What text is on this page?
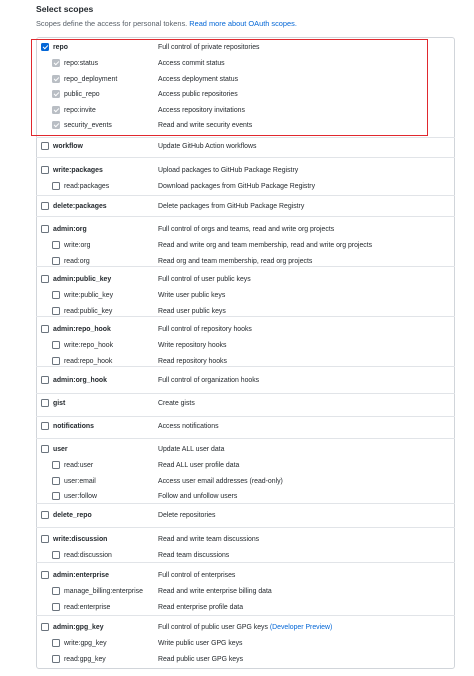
Select scopes
Scopes define the access for personal tokens. Read more about OAuth scopes.
repo	Full control of private repositories
repo:status	Access commit status
repo_deployment	Access deployment status
public_repo	Access public repositories
repo:invite	Access repository invitations
security_events	Read and write security events
workflow	Update GitHub Action workflows
write:packages	Upload packages to GitHub Package Registry
read:packages	Download packages from GitHub Package Registry
delete:packages	Delete packages from GitHub Package Registry
admin:org	Full control of orgs and teams, read and write org projects
write:org	Read and write org and team membership, read and write org projects
read:org	Read org and team membership, read org projects
admin:public_key	Full control of user public keys
write:public_key	Write user public keys
read:public_key	Read user public keys
admin:repo_hook	Full control of repository hooks
write:repo_hook	Write repository hooks
read:repo_hook	Read repository hooks
admin:org_hook	Full control of organization hooks
gist	Create gists
notifications	Access notifications
user	Update ALL user data
read:user	Read ALL user profile data
user:email	Access user email addresses (read-only)
user:follow	Follow and unfollow users
delete_repo	Delete repositories
write:discussion	Read and write team discussions
read:discussion	Read team discussions
admin:enterprise	Full control of enterprises
manage_billing:enterprise Read and write enterprise billing data
read:enterprise	Read enterprise profile data
admin:gpg_key	Full control of public user GPG keys (Developer Preview)
write:gpg_key	Write public user GPG keys
read:gpg_key	Read public user GPG keys
